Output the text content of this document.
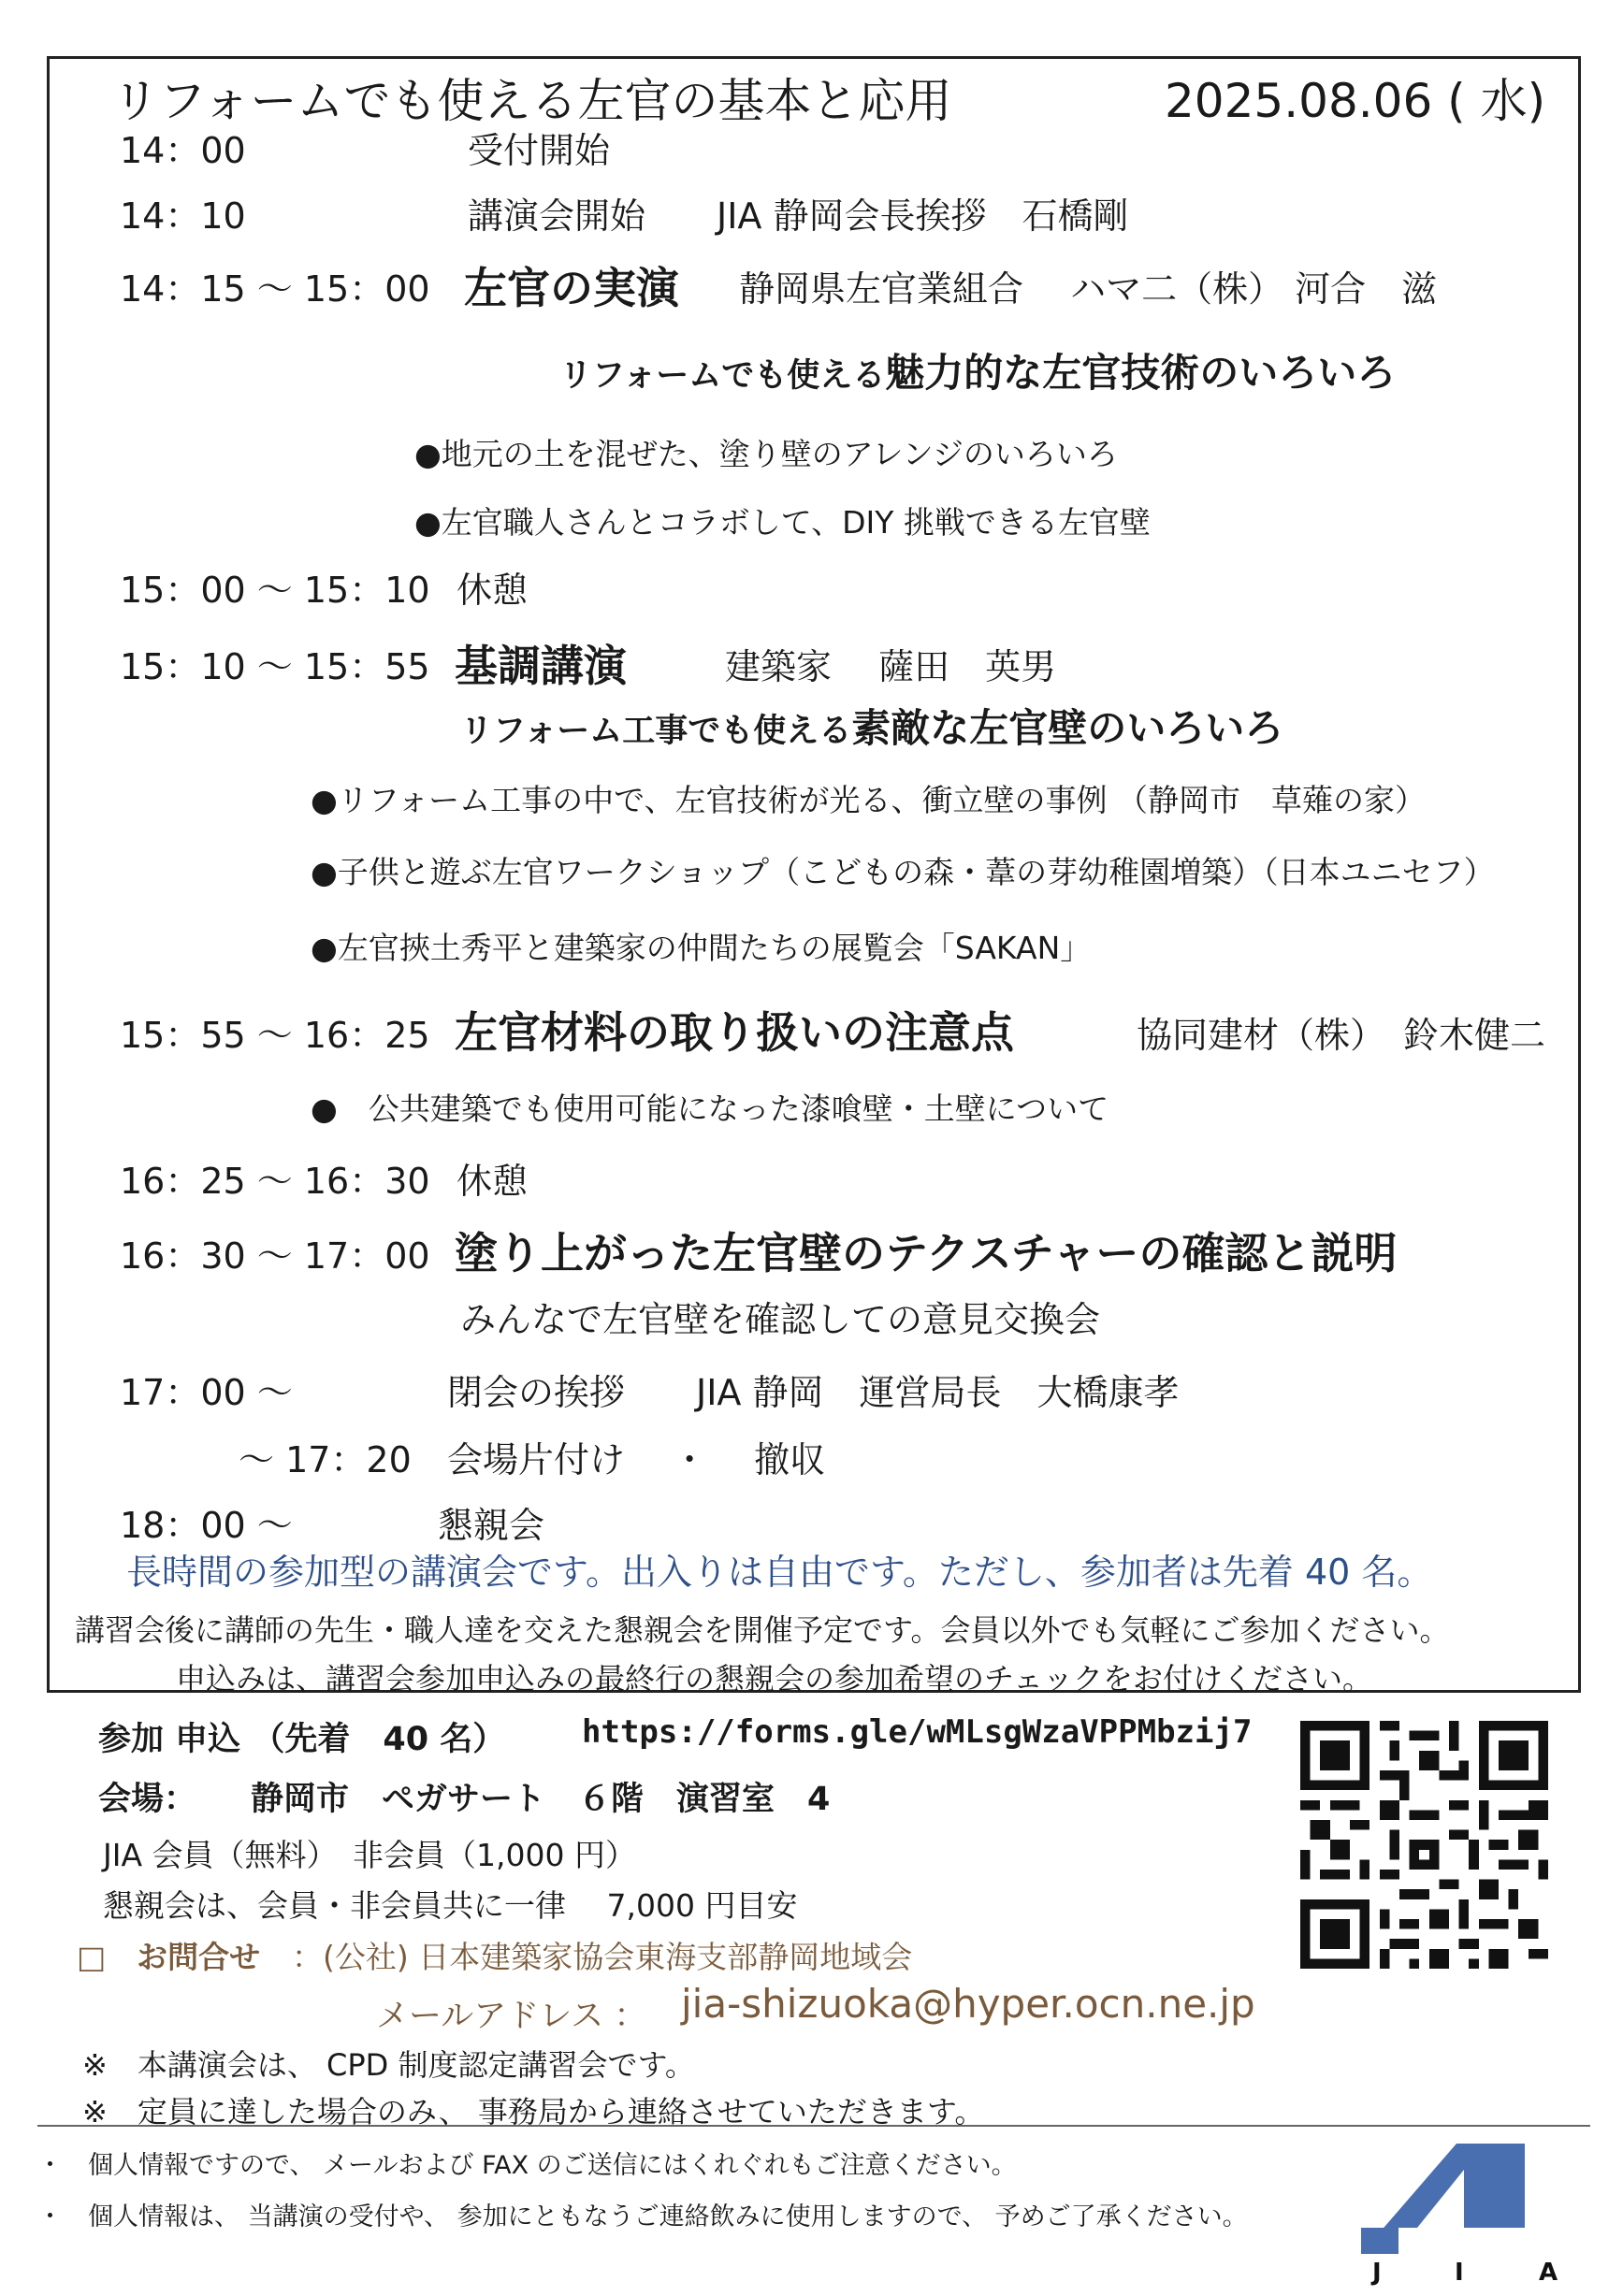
リフォームでも使える左官の基本と応用	2025.08.06 ( 水)
14：00	受付開始
14：10	講演会開始　　JIA 静岡会長挨拶　石橋剛
14：15 ～ 15：00 左官の実演 静岡県左官業組合　 ハマ二（株） 河合　滋
リフォームでも使える魅力的な左官技術のいろいろ
●地元の土を混ぜた、塗り壁のアレンジのいろいろ
●左官職人さんとコラボして、DIY 挑戦できる左官壁
15：00 ～ 15：10 休憩
15：10 ～ 15：55 基調講演	建築家　 薩田　英男
リフォーム工事でも使える素敵な左官壁のいろいろ
●リフォーム工事の中で、左官技術が光る、衝立壁の事例 （静岡市　草薙の家）
●子供と遊ぶ左官ワークショップ（こどもの森・葦の芽幼稚園増築）（日本ユニセフ）
●左官挾土秀平と建築家の仲間たちの展覧会「SAKAN」
15：55 ～ 16：25 左官材料の取り扱いの注意点	協同建材（株）　鈴木健二
●　公共建築でも使用可能になった漆喰壁・土壁について
16：25 ～ 16：30 休憩
16：30 ～ 17：00 塗り上がった左官壁のテクスチャーの確認と説明
みんなで左官壁を確認しての意見交換会
17：00 ～	閉会の挨拶　　JIA 静岡　運営局長　大橋康孝
～ 17：20 会場片付け　 ・　 撤収
18：00 ～	懇親会
長時間の参加型の講演会です。出入りは自由です。ただし、参加者は先着 40 名。
講習会後に講師の先生・職人達を交えた懇親会を開催予定です。会員以外でも気軽にご参加ください。
申込みは、講習会参加申込みの最終行の懇親会の参加希望のチェックをお付けください。
参加 申込 （先着　40 名） https://forms.gle/wMLsgWzaVPPMbzij7
会場： 静岡市　ペガサート　６階　演習室　4
JIA 会員（無料）　非会員（1,000 円）
懇親会は、会員・非会員共に一律　 7,000 円目安
□　お問合せ ：(公社) 日本建築家協会東海支部静岡地域会
メールアドレス ： jia-shizuoka@hyper.ocn.ne.jp
※　本講演会は、 CPD 制度認定講習会です。
※　定員に達した場合のみ、 事務局から連絡させていただきます。
・　個人情報ですので、 メールおよび FAX のご送信にはくれぐれもご注意ください。
・　個人情報は、 当講演の受付や、 参加にともなうご連絡飲みに使用しますので、 予めご了承ください。
J	I	A
